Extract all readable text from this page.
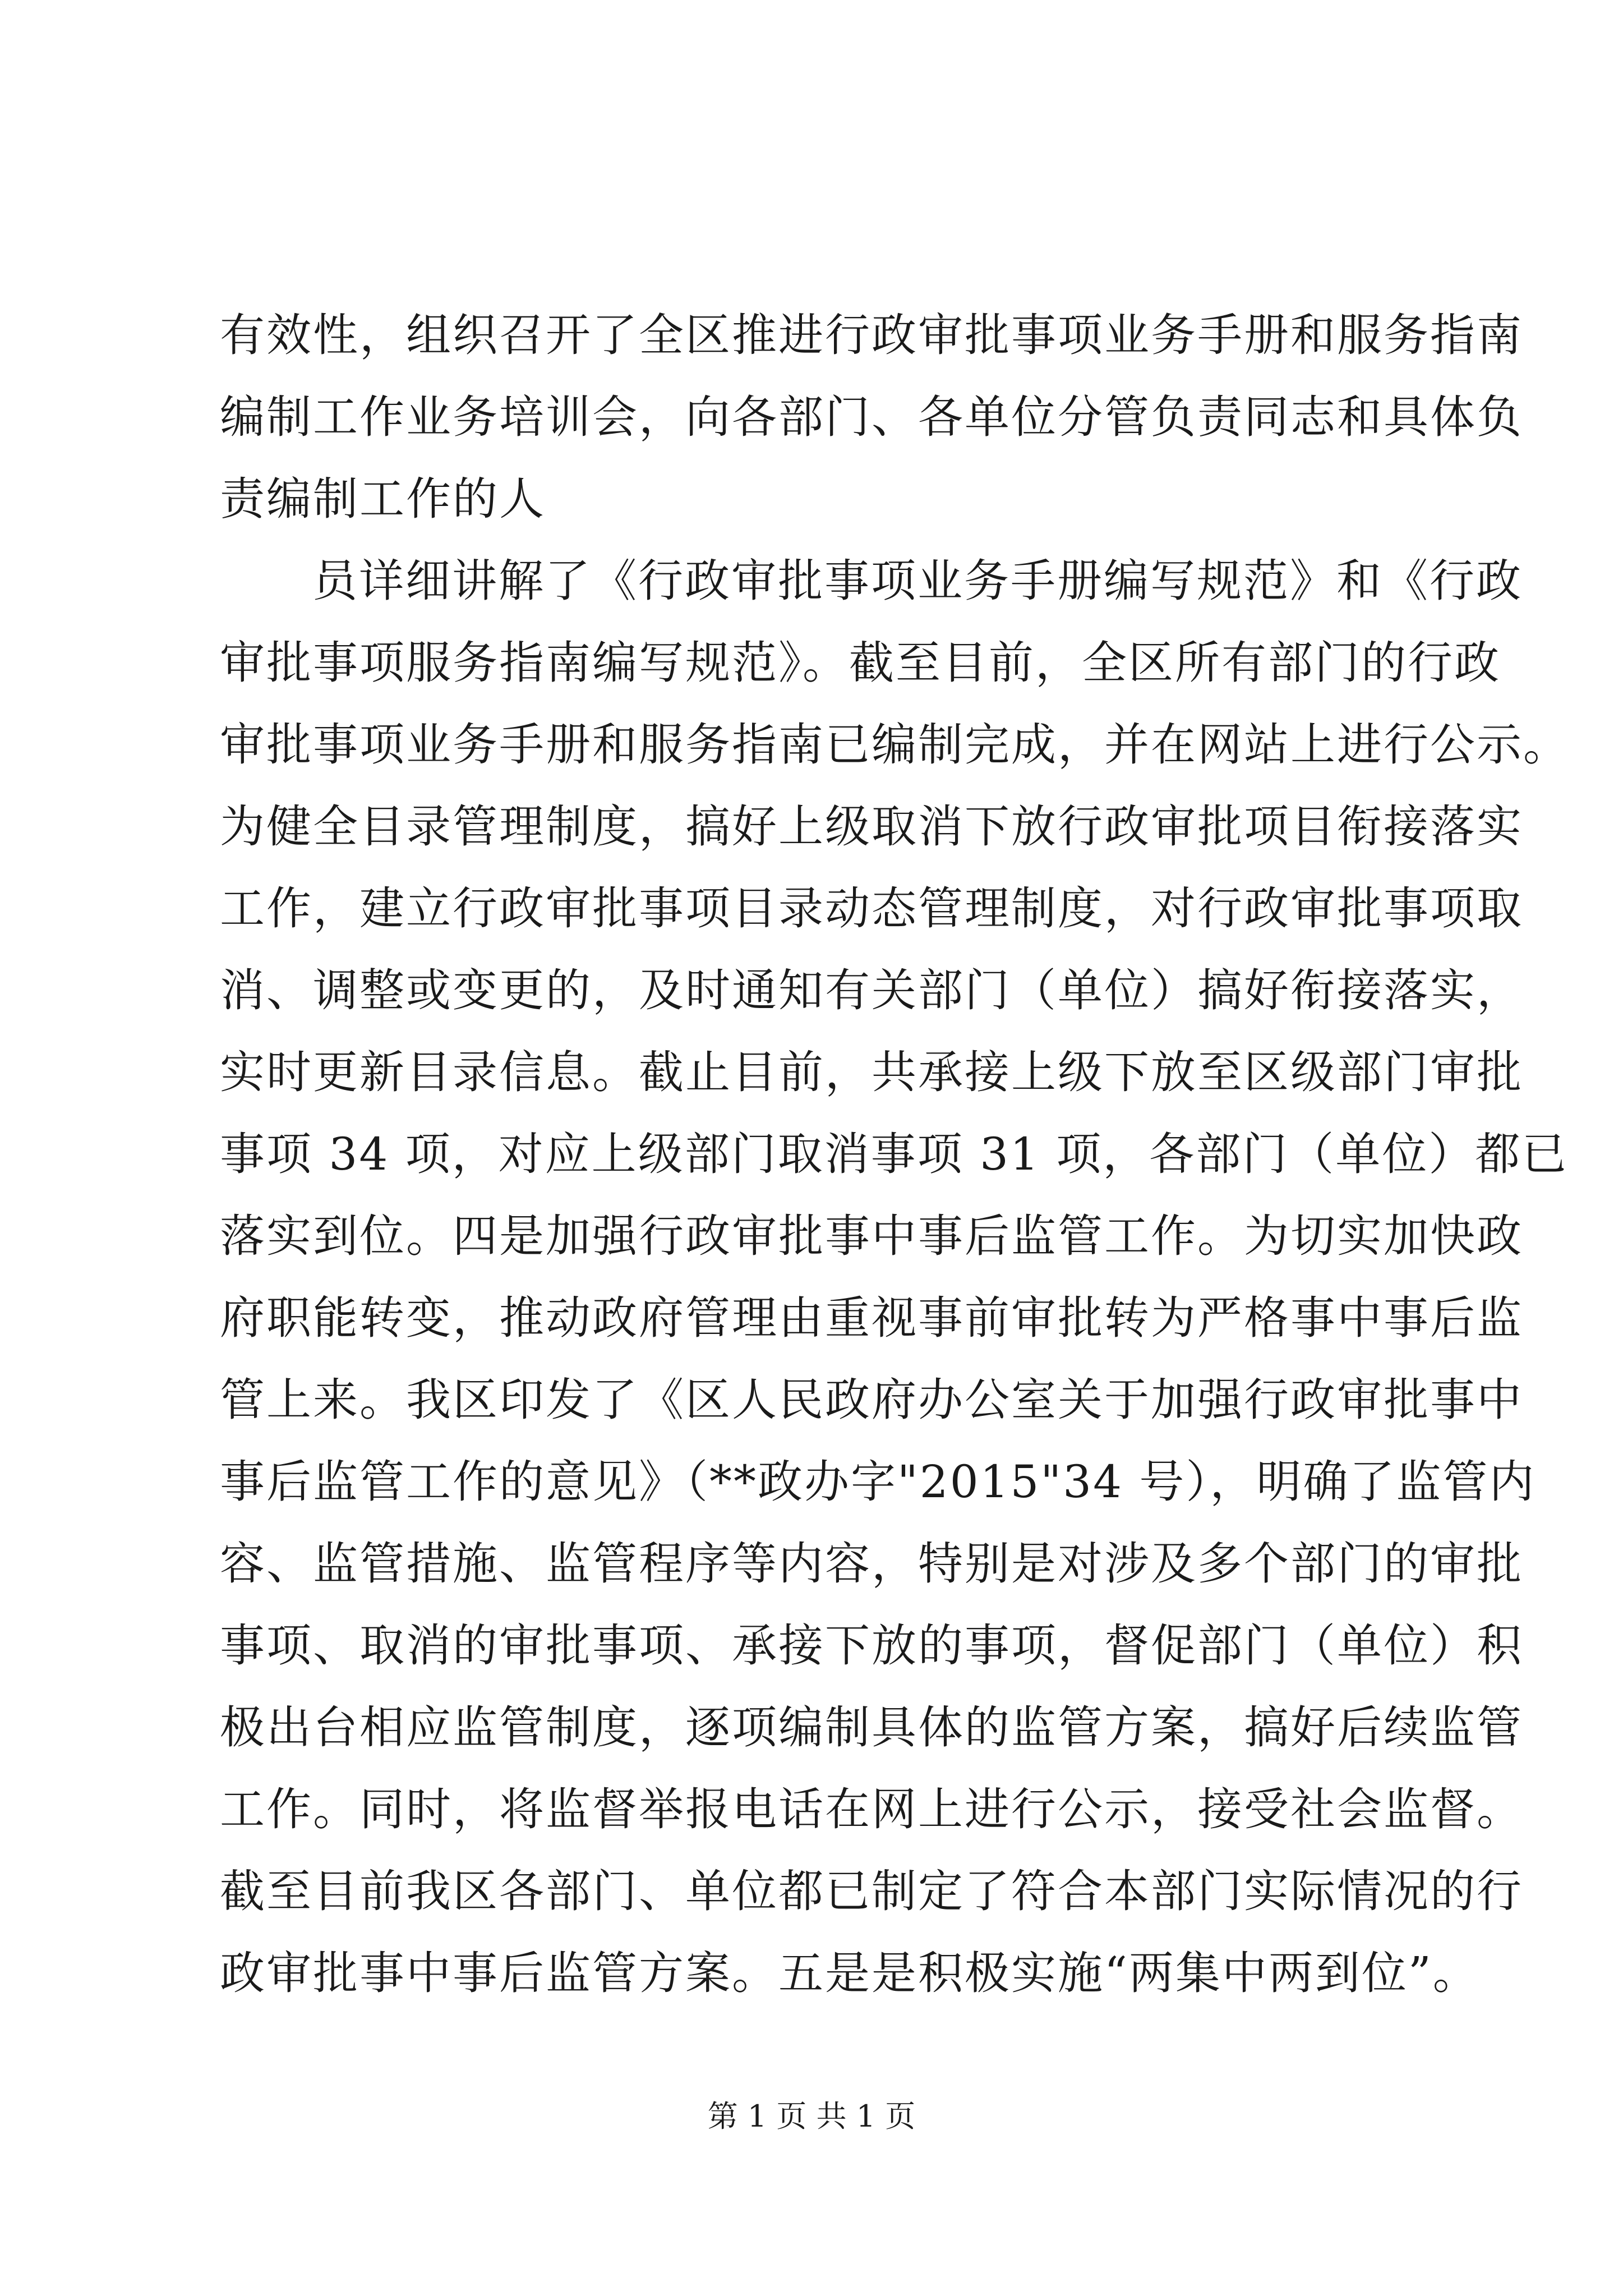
有效性，组织召开了全区推进行政审批事项业务手册和服务指南
编制工作业务培训会，向各部门、各单位分管负责同志和具体负
责编制工作的人
员详细讲解了《行政审批事项业务手册编写规范》和《行政
审批事项服务指南编写规范》。截至目前，全区所有部门的行政
审批事项业务手册和服务指南已编制完成，并在网站上进行公示。
为健全目录管理制度，搞好上级取消下放行政审批项目衔接落实
工作，建立行政审批事项目录动态管理制度，对行政审批事项取
消、调整或变更的，及时通知有关部门（单位）搞好衔接落实，
实时更新目录信息。截止目前，共承接上级下放至区级部门审批
事项 34 项，对应上级部门取消事项 31 项，各部门（单位）都已
落实到位。四是加强行政审批事中事后监管工作。为切实加快政
府职能转变，推动政府管理由重视事前审批转为严格事中事后监
管上来。我区印发了《区人民政府办公室关于加强行政审批事中
事后监管工作的意见》（**政办字"2015"34 号），明确了监管内
容、监管措施、监管程序等内容，特别是对涉及多个部门的审批
事项、取消的审批事项、承接下放的事项，督促部门（单位）积
极出台相应监管制度，逐项编制具体的监管方案，搞好后续监管
工作。同时，将监督举报电话在网上进行公示，接受社会监督。
截至目前我区各部门、单位都已制定了符合本部门实际情况的行
政审批事中事后监管方案。五是是积极实施“两集中两到位”。
第 1 页 共 1 页
